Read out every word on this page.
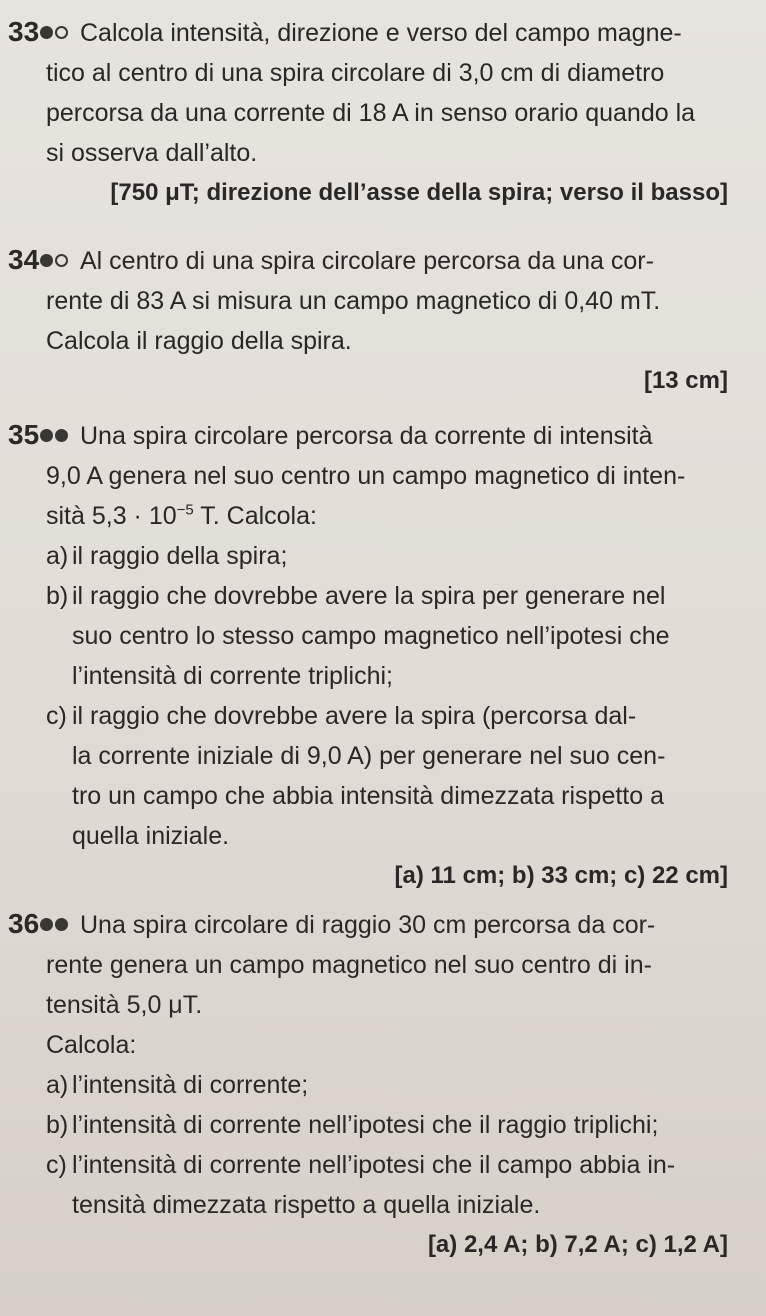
33 Calcola intensità, direzione e verso del campo magne-
tico al centro di una spira circolare di 3,0 cm di diametro
percorsa da una corrente di 18 A in senso orario quando la
si osserva dall’alto.
[750 μT; direzione dell’asse della spira; verso il basso]
34 Al centro di una spira circolare percorsa da una cor-
rente di 83 A si misura un campo magnetico di 0,40 mT.
Calcola il raggio della spira.
[13 cm]
35 Una spira circolare percorsa da corrente di intensità
9,0 A genera nel suo centro un campo magnetico di inten-
sità $5,3 \cdot 10^{-5}$ T. Calcola:
a) il raggio della spira;
b) il raggio che dovrebbe avere la spira per generare nel
suo centro lo stesso campo magnetico nell’ipotesi che
l’intensità di corrente triplichi;
c) il raggio che dovrebbe avere la spira (percorsa dal-
la corrente iniziale di 9,0 A) per generare nel suo cen-
tro un campo che abbia intensità dimezzata rispetto a
quella iniziale.
[a) 11 cm; b) 33 cm; c) 22 cm]
36 Una spira circolare di raggio 30 cm percorsa da cor-
rente genera un campo magnetico nel suo centro di in-
tensità 5,0 μT.
Calcola:
a) l’intensità di corrente;
b) l’intensità di corrente nell’ipotesi che il raggio triplichi;
c) l’intensità di corrente nell’ipotesi che il campo abbia in-
tensità dimezzata rispetto a quella iniziale.
[a) 2,4 A; b) 7,2 A; c) 1,2 A]
